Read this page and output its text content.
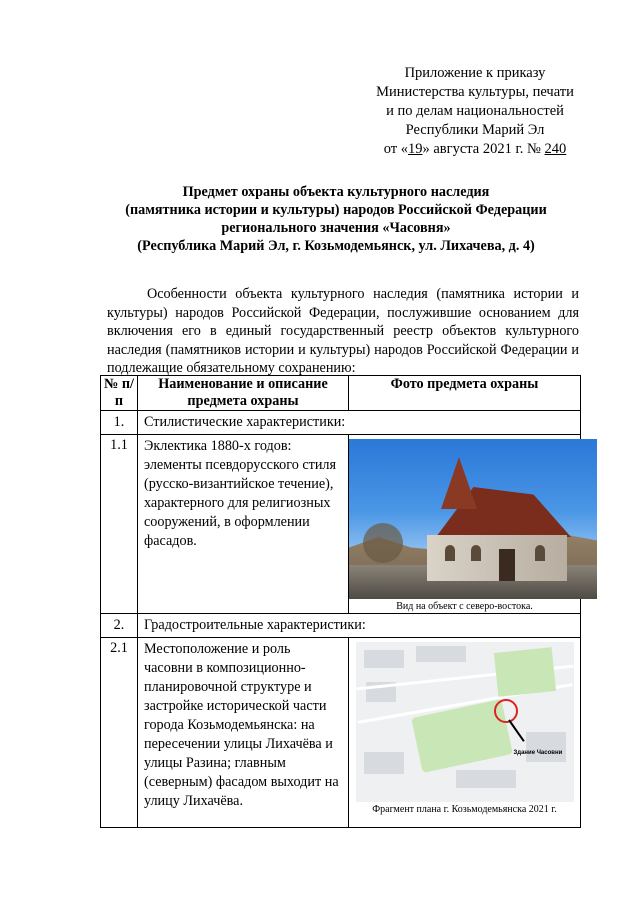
Приложение к приказу
Министерства культуры, печати
и по делам национальностей
Республики Марий Эл
от «19» августа 2021 г. № 240
Предмет охраны объекта культурного наследия
(памятника истории и культуры) народов Российской Федерации
регионального значения «Часовня»
(Республика Марий Эл, г. Козьмодемьянск, ул. Лихачева, д. 4)
Особенности объекта культурного наследия (памятника истории и культуры) народов Российской Федерации, послужившие основанием для включения его в единый государственный реестр объектов культурного наследия (памятников истории и культуры) народов Российской Федерации и подлежащие обязательному сохранению:
№ п/п	Наименование и описание предмета охраны	Фото предмета охраны
1.	Стилистические характеристики:	
1.1	Эклектика 1880-х годов: элементы псевдорусского стиля (русско-византийское течение), характерного для религиозных сооружений, в оформлении фасадов.	Вид на объект с северо-востока.

2.	Градостроительные характеристики:	
2.1	Местоположение и роль часовни в композиционно-планировочной структуре и застройке исторической части города Козьмодемьянска: на пересечении улицы Лихачёва и улицы Разина; главным (северным) фасадом выходит на улицу Лихачёва.	Здание Часовни
Фрагмент плана г. Козьмодемьянска 2021 г.
